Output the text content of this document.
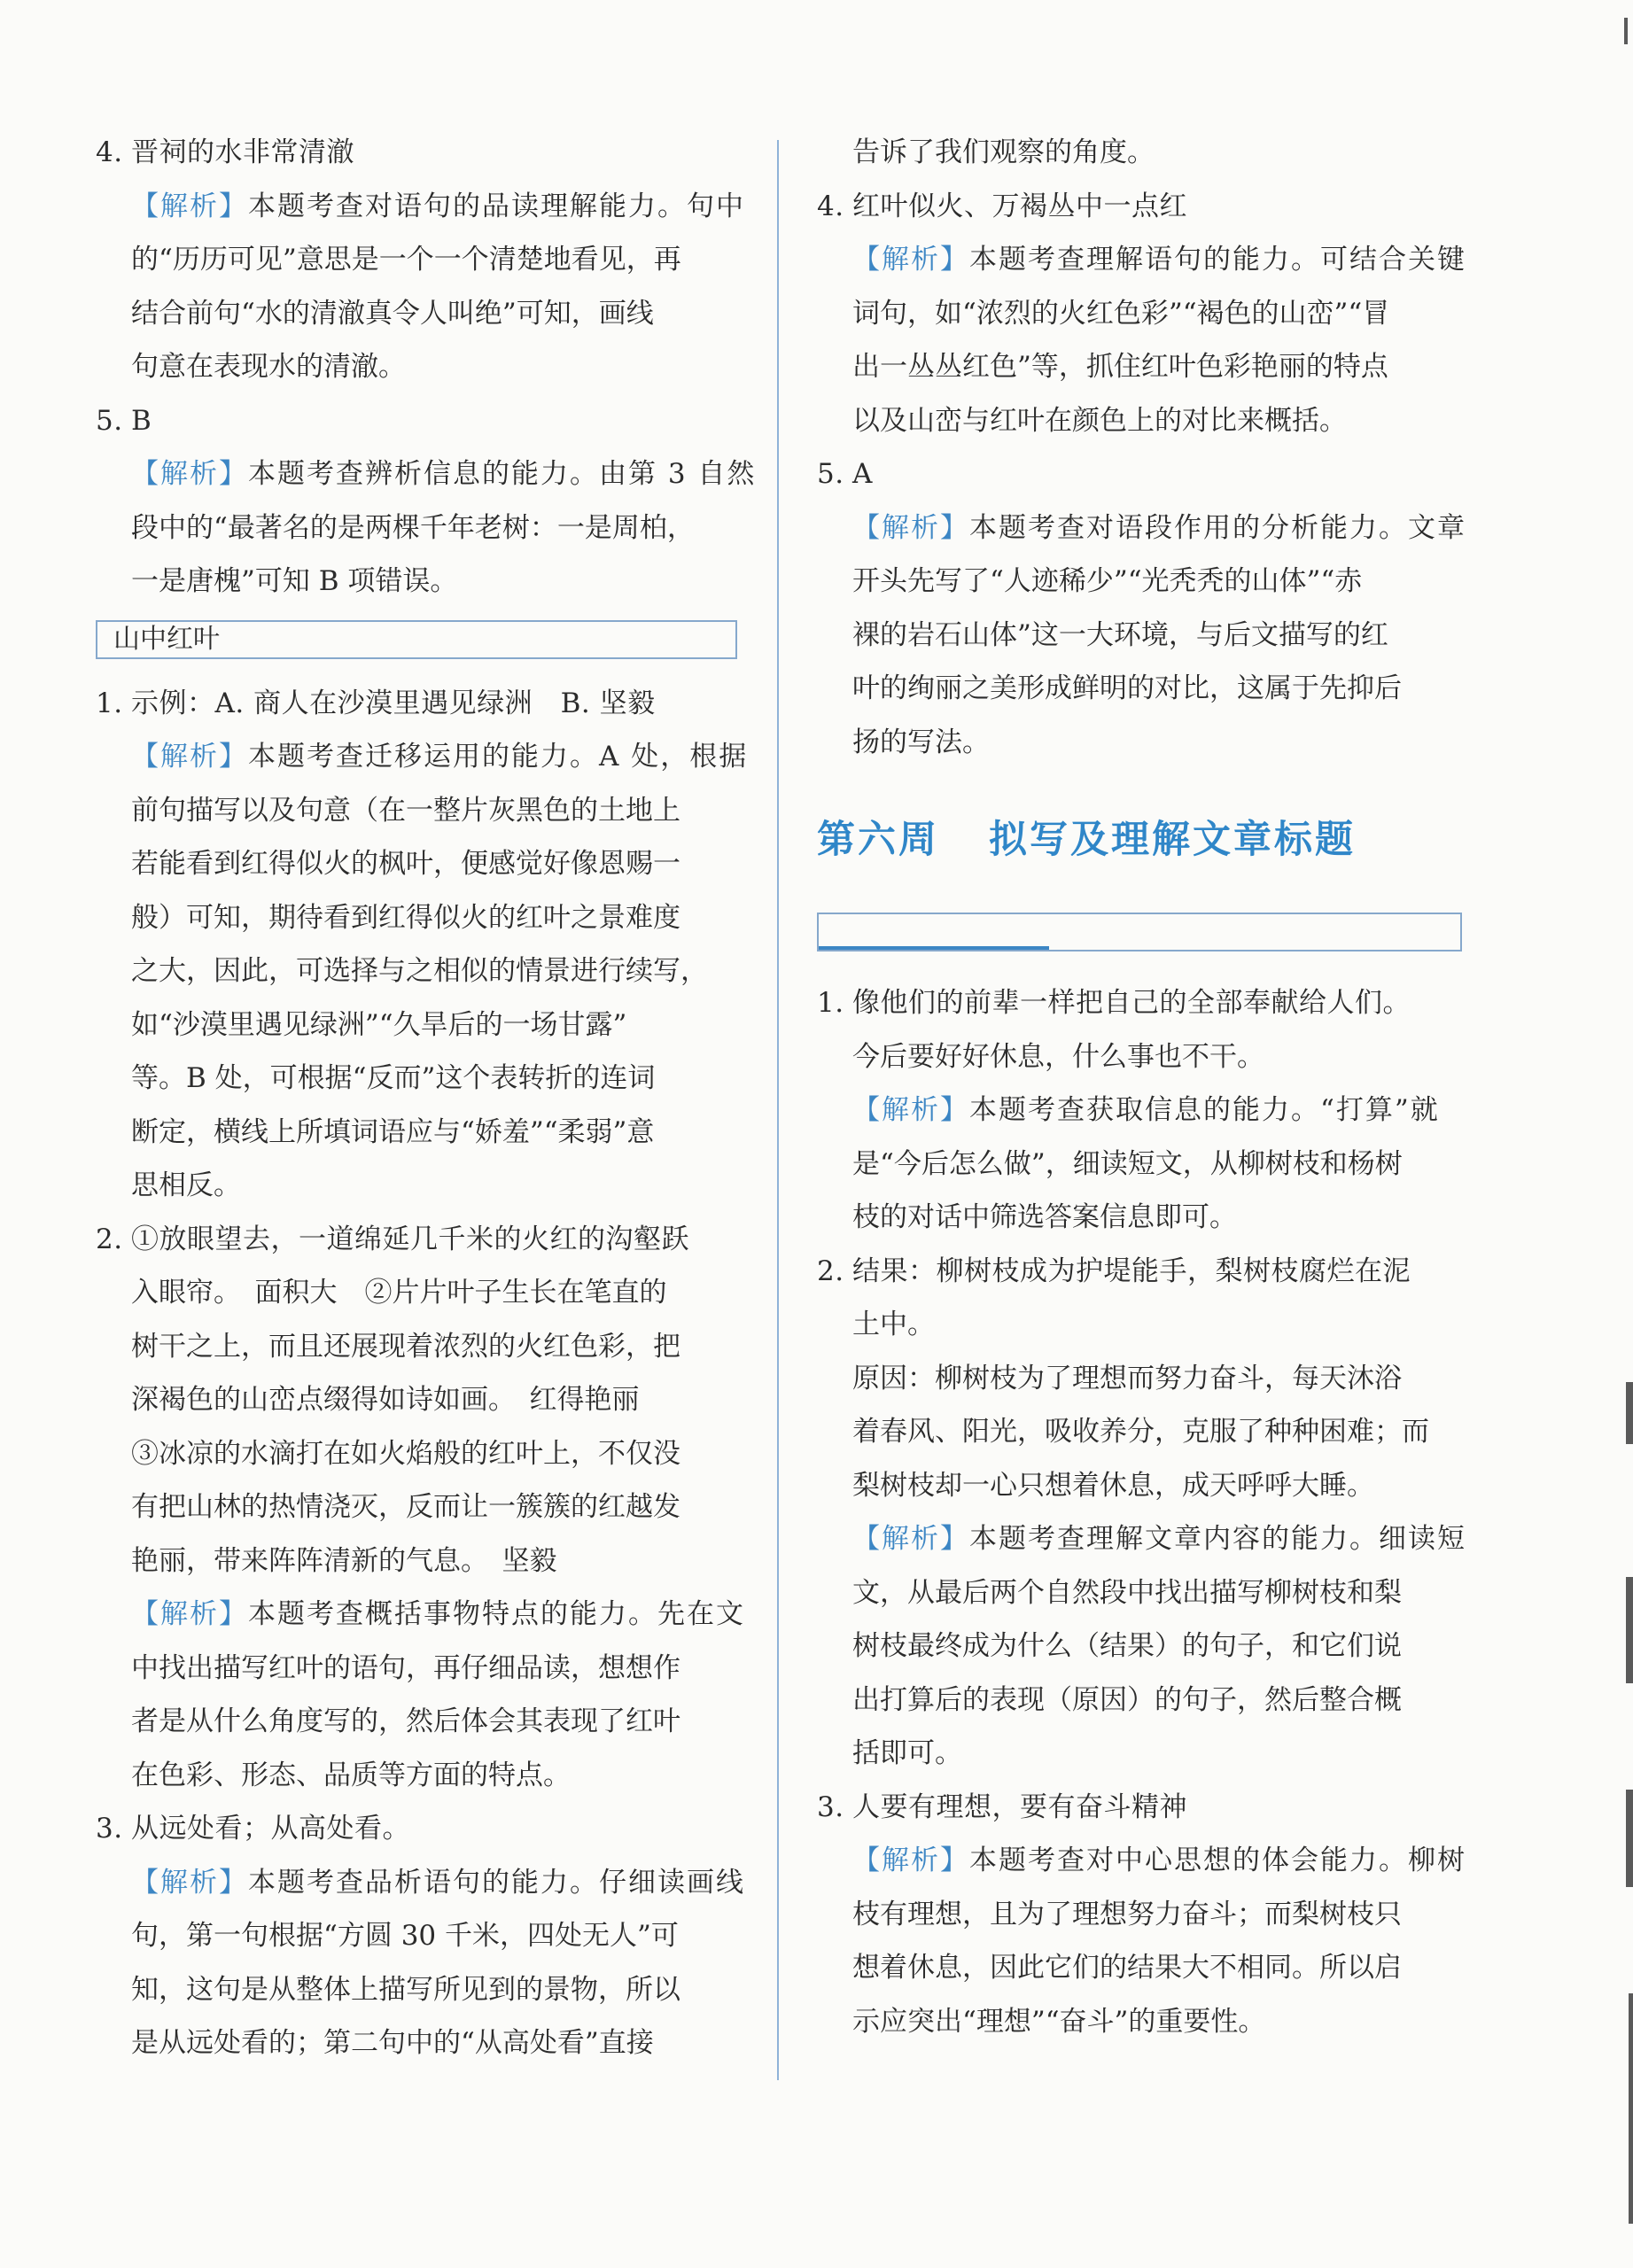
4. 晋祠的水非常清澈
【解析】本题考查对语句的品读理解能力。句中
的“历历可见”意思是一个一个清楚地看见，再
结合前句“水的清澈真令人叫绝”可知，画线
句意在表现水的清澈。
5. B
【解析】本题考查辨析信息的能力。由第 3 自然
段中的“最著名的是两棵千年老树：一是周柏，
一是唐槐”可知 B 项错误。
山中红叶
1. 示例：A. 商人在沙漠里遇见绿洲　B. 坚毅
【解析】本题考查迁移运用的能力。A 处，根据
前句描写以及句意（在一整片灰黑色的土地上
若能看到红得似火的枫叶，便感觉好像恩赐一
般）可知，期待看到红得似火的红叶之景难度
之大，因此，可选择与之相似的情景进行续写，
如“沙漠里遇见绿洲”“久旱后的一场甘露”
等。B 处，可根据“反而”这个表转折的连词
断定，横线上所填词语应与“娇羞”“柔弱”意
思相反。
2. ①放眼望去，一道绵延几千米的火红的沟壑跃
入眼帘。　面积大　②片片叶子生长在笔直的
树干之上，而且还展现着浓烈的火红色彩，把
深褐色的山峦点缀得如诗如画。　红得艳丽
③冰凉的水滴打在如火焰般的红叶上，不仅没
有把山林的热情浇灭，反而让一簇簇的红越发
艳丽，带来阵阵清新的气息。　坚毅
【解析】本题考查概括事物特点的能力。先在文
中找出描写红叶的语句，再仔细品读，想想作
者是从什么角度写的，然后体会其表现了红叶
在色彩、形态、品质等方面的特点。
3. 从远处看；从高处看。
【解析】本题考查品析语句的能力。仔细读画线
句，第一句根据“方圆 30 千米，四处无人”可
知，这句是从整体上描写所见到的景物，所以
是从远处看的；第二句中的“从高处看”直接
告诉了我们观察的角度。
4. 红叶似火、万褐丛中一点红
【解析】本题考查理解语句的能力。可结合关键
词句，如“浓烈的火红色彩”“褐色的山峦”“冒
出一丛丛红色”等，抓住红叶色彩艳丽的特点
以及山峦与红叶在颜色上的对比来概括。
5. A
【解析】本题考查对语段作用的分析能力。文章
开头先写了“人迹稀少”“光秃秃的山体”“赤
裸的岩石山体”这一大环境，与后文描写的红
叶的绚丽之美形成鲜明的对比，这属于先抑后
扬的写法。
第六周 拟写及理解文章标题
1. 像他们的前辈一样把自己的全部奉献给人们。
今后要好好休息，什么事也不干。
【解析】本题考查获取信息的能力。“打算”就
是“今后怎么做”，细读短文，从柳树枝和杨树
枝的对话中筛选答案信息即可。
2. 结果：柳树枝成为护堤能手，梨树枝腐烂在泥
土中。
原因：柳树枝为了理想而努力奋斗，每天沐浴
着春风、阳光，吸收养分，克服了种种困难；而
梨树枝却一心只想着休息，成天呼呼大睡。
【解析】本题考查理解文章内容的能力。细读短
文，从最后两个自然段中找出描写柳树枝和梨
树枝最终成为什么（结果）的句子，和它们说
出打算后的表现（原因）的句子，然后整合概
括即可。
3. 人要有理想，要有奋斗精神
【解析】本题考查对中心思想的体会能力。柳树
枝有理想，且为了理想努力奋斗；而梨树枝只
想着休息，因此它们的结果大不相同。所以启
示应突出“理想”“奋斗”的重要性。
